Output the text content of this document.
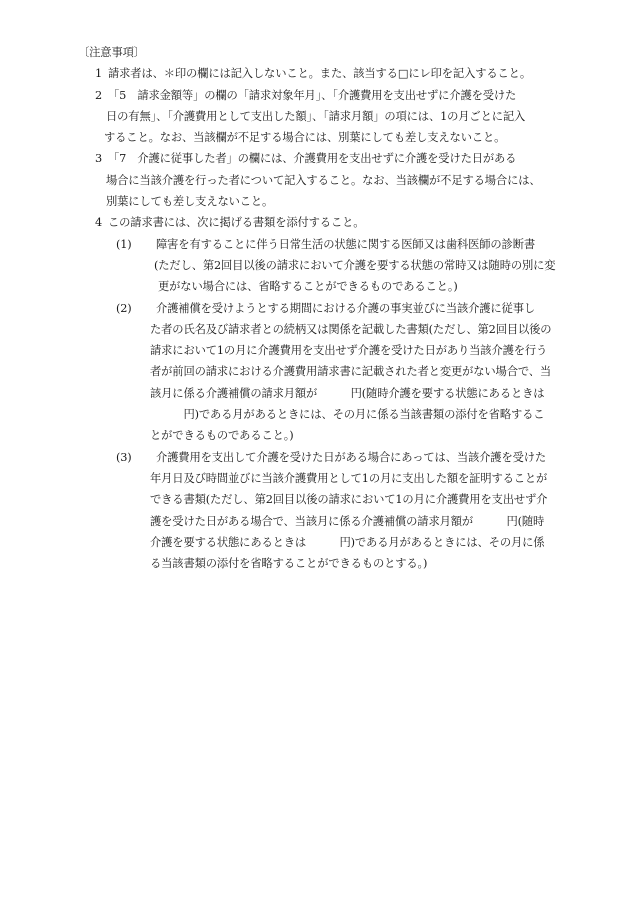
〔注意事項〕

1 請求者は、＊印の欄には記入しないこと。また、該当する□にレ印を記入すること。
2 「5　請求金額等」の欄の「請求対象年月」、「介護費用を支出せずに介護を受けた
日の有無」、「介護費用として支出した額」、「請求月額」の項には、1の月ごとに記入
すること。なお、当該欄が不足する場合には、別葉にしても差し支えないこと。
3 「7　介護に従事した者」の欄には、介護費用を支出せずに介護を受けた日がある
場合に当該介護を行った者について記入すること。なお、当該欄が不足する場合には、
別葉にしても差し支えないこと。
4 この請求書には、次に掲げる書類を添付すること。
(1)	障害を有することに伴う日常生活の状態に関する医師又は歯科医師の診断書
(ただし、第2回目以後の請求において介護を要する状態の常時又は随時の別に変
更がない場合には、省略することができるものであること。)
(2)	介護補償を受けようとする期間における介護の事実並びに当該介護に従事し
た者の氏名及び請求者との続柄又は関係を記載した書類(ただし、第2回目以後の
請求において1の月に介護費用を支出せず介護を受けた日があり当該介護を行う
者が前回の請求における介護費用請求書に記載された者と変更がない場合で、当
該月に係る介護補償の請求月額が　　　円(随時介護を要する状態にあるときは
　　　円)である月があるときには、その月に係る当該書類の添付を省略するこ
とができるものであること。)
(3)	介護費用を支出して介護を受けた日がある場合にあっては、当該介護を受けた
年月日及び時間並びに当該介護費用として1の月に支出した額を証明することが
できる書類(ただし、第2回目以後の請求において1の月に介護費用を支出せず介
護を受けた日がある場合で、当該月に係る介護補償の請求月額が　　　円(随時
介護を要する状態にあるときは　　　円)である月があるときには、その月に係
る当該書類の添付を省略することができるものとする。)
